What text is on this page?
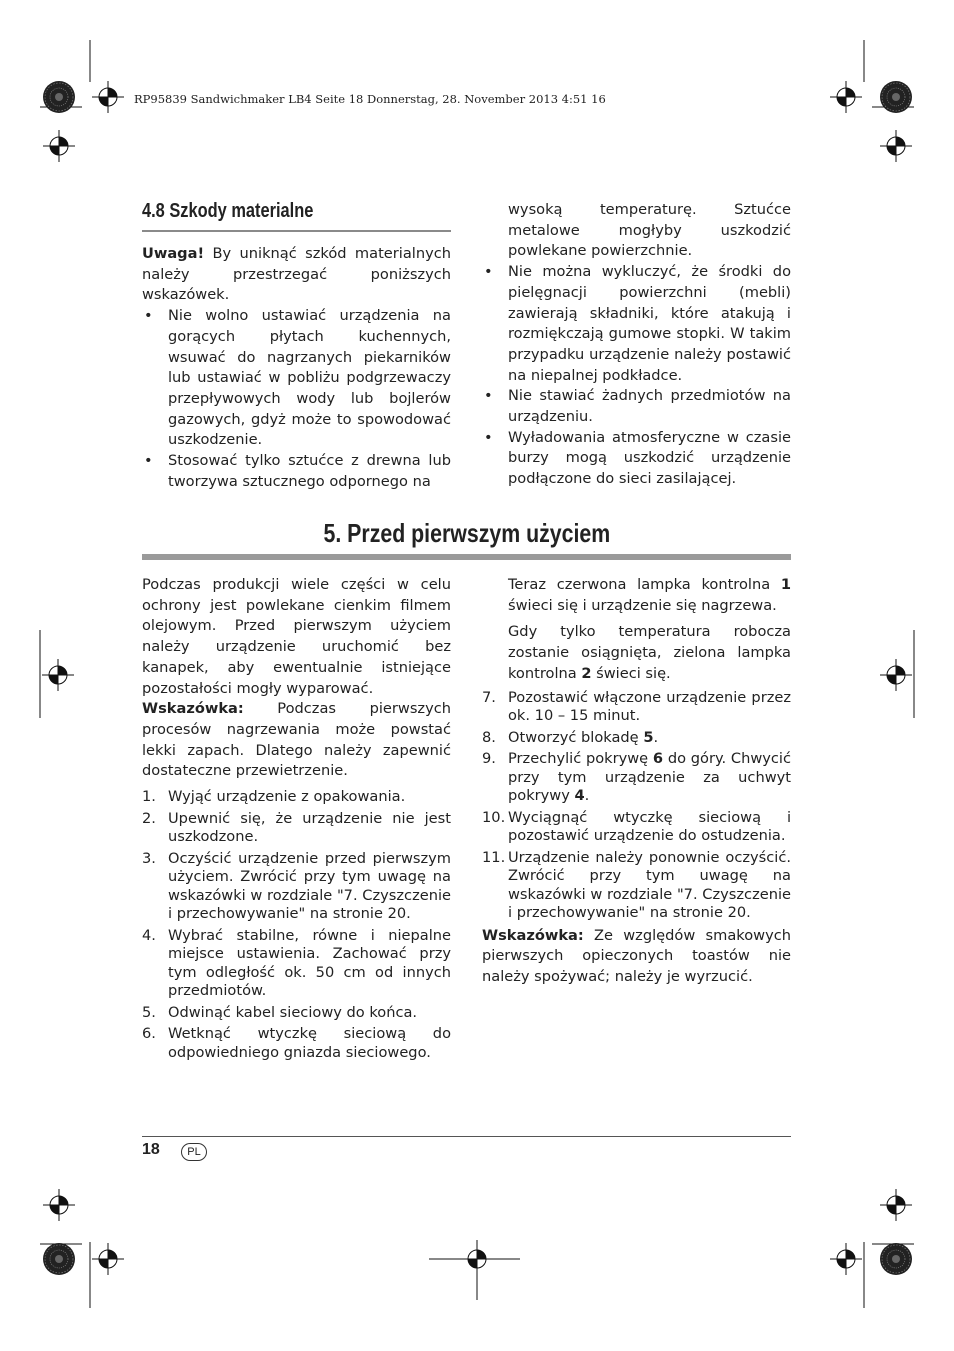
RP95839 Sandwichmaker LB4 Seite 18 Donnerstag, 28. November 2013 4:51 16
4.8 Szkody materialne

Uwaga! By uniknąć szkód materialnych należy przestrzegać poniższych wskazówek.

• Nie wolno ustawiać urządzenia na gorących płytach kuchennych, wsuwać do nagrzanych piekarników lub ustawiać w pobliżu podgrzewaczy przepływowych wody lub bojlerów gazowych, gdyż może to spowodować uszkodzenie.
• Stosować tylko sztućce z drewna lub tworzywa sztucznego odpornego na

wysoką temperaturę. Sztućce metalowe mogłyby uszkodzić powlekane powierzchnie.

• Nie można wykluczyć, że środki do pielęgnacji powierzchni (mebli) zawierają składniki, które atakują i rozmiękczają gumowe stopki. W takim przypadku urządzenie należy postawić na niepalnej podkładce.
• Nie stawiać żadnych przedmiotów na urządzeniu.
• Wyładowania atmosferyczne w czasie burzy mogą uszkodzić urządzenie podłączone do sieci zasilającej.
5. Przed pierwszym użyciem

Podczas produkcji wiele części w celu ochrony jest powlekane cienkim filmem olejowym. Przed pierwszym użyciem należy urządzenie uruchomić bez kanapek, aby ewentualnie istniejące pozostałości mogły wyparować.

Wskazówka: Podczas pierwszych procesów nagrzewania może powstać lekki zapach. Dlatego należy zapewnić dostateczne przewietrzenie.

1. Wyjąć urządzenie z opakowania.
2. Upewnić się, że urządzenie nie jest uszkodzone.
3. Oczyścić urządzenie przed pierwszym użyciem. Zwrócić przy tym uwagę na wskazówki w rozdziale "7. Czyszczenie i przechowywanie" na stronie 20.
4. Wybrać stabilne, równe i niepalne miejsce ustawienia. Zachować przy tym odległość ok. 50 cm od innych przedmiotów.
5. Odwinąć kabel sieciowy do końca.
6. Wetknąć wtyczkę sieciową do odpowiedniego gniazda sieciowego.

Teraz czerwona lampka kontrolna 1 świeci się i urządzenie się nagrzewa.

Gdy tylko temperatura robocza zostanie osiągnięta, zielona lampka kontrolna 2 świeci się.

7. Pozostawić włączone urządzenie przez ok. 10 – 15 minut.
8. Otworzyć blokadę 5.
9. Przechylić pokrywę 6 do góry. Chwycić przy tym urządzenie za uchwyt pokrywy 4.
10. Wyciągnąć wtyczkę sieciową i pozostawić urządzenie do ostudzenia.
11. Urządzenie należy ponownie oczyścić. Zwrócić przy tym uwagę na wskazówki w rozdziale "7. Czyszczenie i przechowywanie" na stronie 20.

Wskazówka: Ze względów smakowych pierwszych opieczonych toastów nie należy spożywać; należy je wyrzucić.

18	PL
